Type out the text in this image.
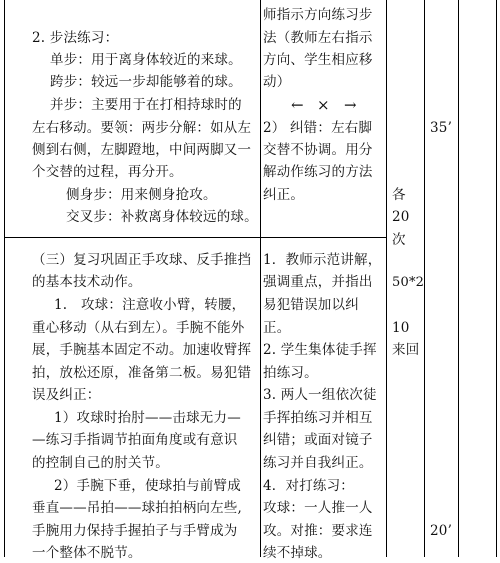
2. 步法练习：
单步：用于离身体较近的来球。
跨步：较远一步却能够着的球。
并步：主要用于在打相持球时的
左右移动。要领：两步分解：如从左
侧到右侧，左脚蹬地，中间两脚又一
个交替的过程，再分开。
侧身步：用来侧身抢攻。
交叉步：补救离身体较远的球。
（三）复习巩固正手攻球、反手推挡
的基本技术动作。
1.　攻球：注意收小臂，转腰，
重心移动（从右到左）。手腕不能外
展，手腕基本固定不动。加速收臂挥
拍，放松还原，准备第二板。易犯错
误及纠正：
1）攻球时抬肘——击球无力—
—练习手指调节拍面角度或有意识
的控制自己的肘关节。
2）手腕下垂，使球拍与前臂成
垂直——吊拍——球拍拍柄向左些,
手腕用力保持手握拍子与手臂成为
一个整体不脱节。
师指示方向练习步
法（教师左右指示
方向、学生相应移
动）
← × →
2） 纠错：左右脚
交替不协调。用分
解动作练习的方法
纠正。
1．教师示范讲解，
强调重点，并指出
易犯错误加以纠
正。
2. 学生集体徒手挥
拍练习。
3. 两人一组依次徒
手挥拍练习并相互
纠错；或面对镜子
练习并自我纠正。
4．对打练习：
攻球：一人推一人
攻。对推：要求连
续不掉球。
各
20
次
50*2
10
来回
35’
20’
